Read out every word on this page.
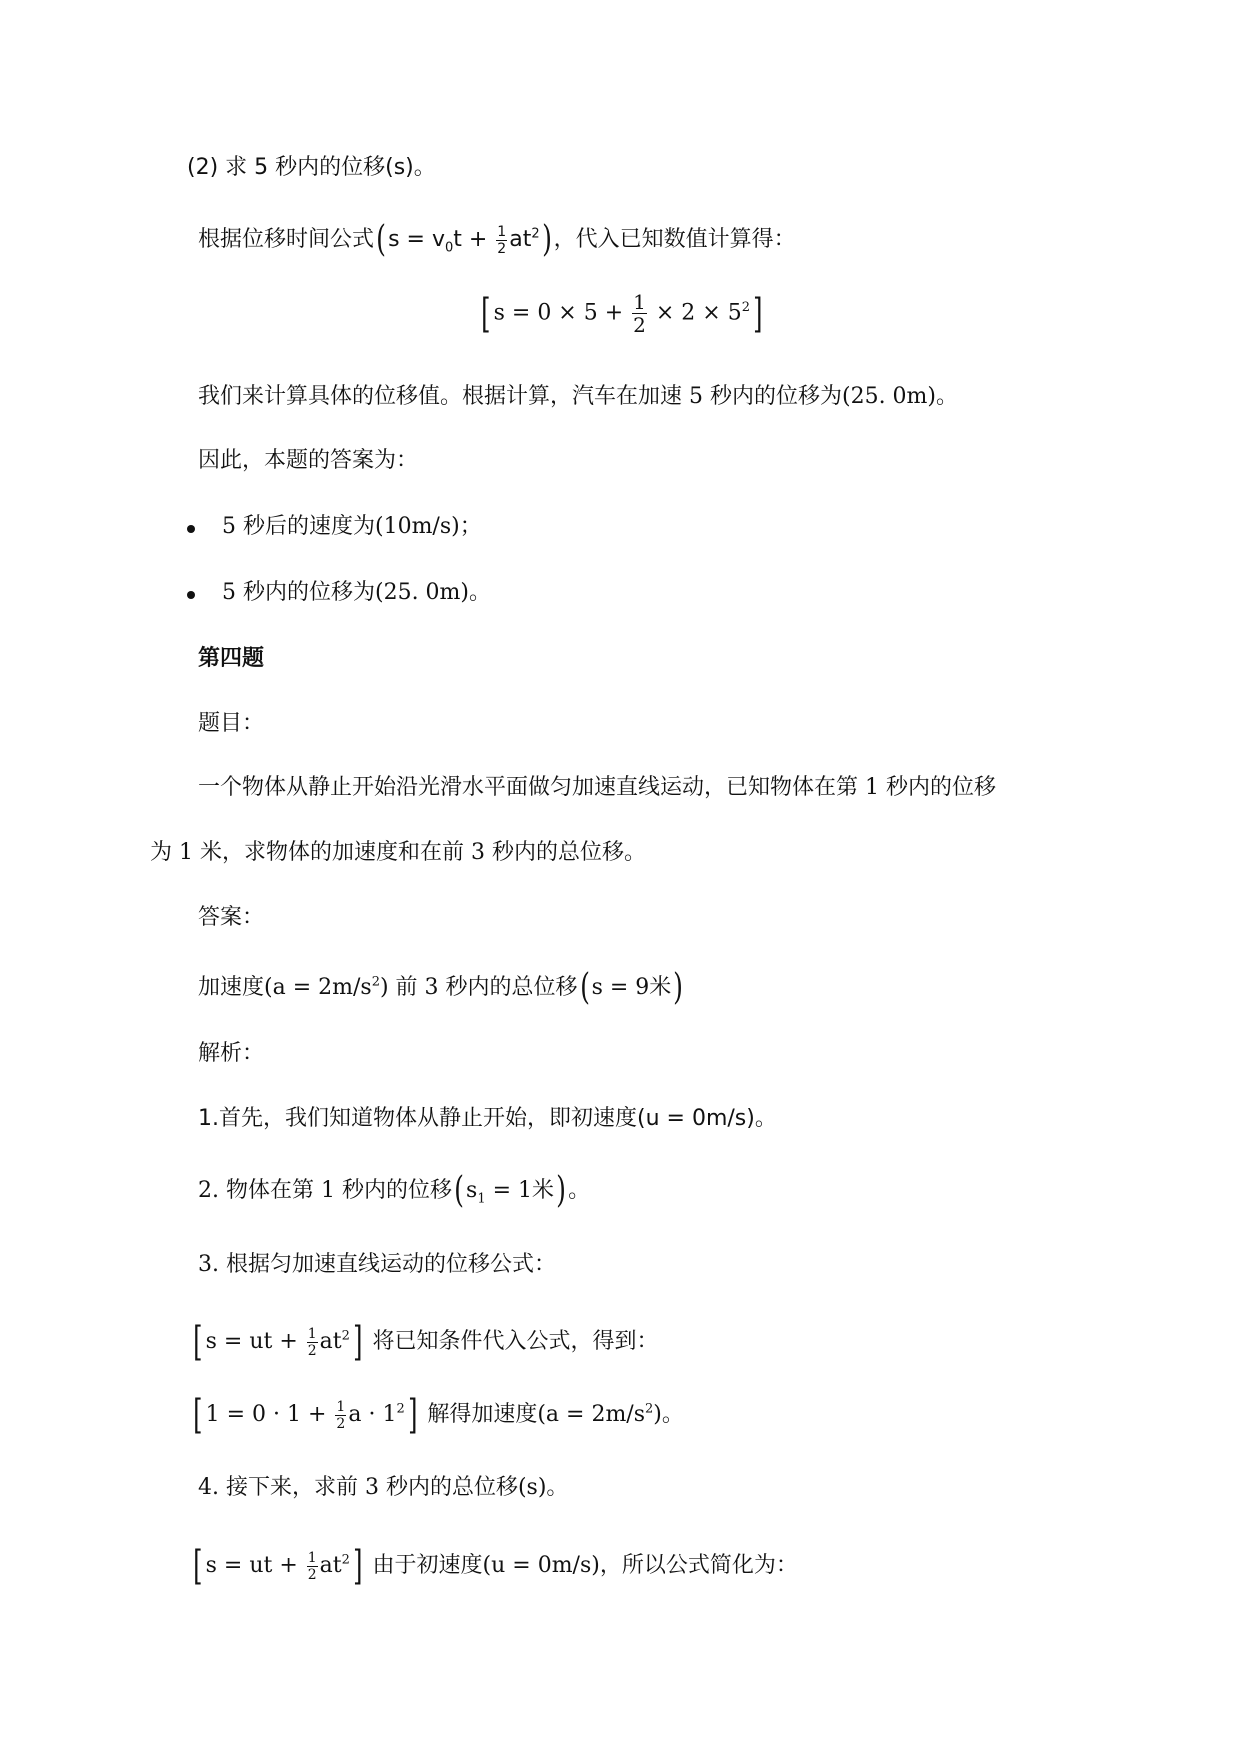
(2) 求 5 秒内的位移(s)。
根据位移时间公式$(s = v_0t + \frac{1}{2} at^2)$，代入已知数值计算得：
[ $s = 0 \times 5 + \frac{1}{2} \times 2 \times 5^2$]
我们来计算具体的位移值。根据计算，汽车在加速 5 秒内的位移为(25. 0m)。
因此，本题的答案为：
5 秒后的速度为(10m/s)；
5 秒内的位移为(25. 0m)。
第四题
题目：
一个物体从静止开始沿光滑水平面做匀加速直线运动，已知物体在第 1 秒内的位移
为 1 米，求物体的加速度和在前 3 秒内的总位移。
答案：
加速度$(a = 2m/s^2)$ 前 3 秒内的总位移(s = 9米)
解析：
1.首先，我们知道物体从静止开始，即初速度(u = 0m/s)。
2. 物体在第 1 秒内的位移($s_1 = 1$米)。
3. 根据匀加速直线运动的位移公式：
[ s = ut + $\frac{1}{2} at^2$] 将已知条件代入公式，得到：
[ $1 = 0 \cdot 1 + \frac{1}{2}$ $a \cdot 1^2$] 解得加速度$(a = 2m/s^2)$。
4. 接下来，求前 3 秒内的总位移(s)。
[ s = ut + $\frac{1}{2} at^2$] 由于初速度(u = 0m/s)，所以公式简化为：
